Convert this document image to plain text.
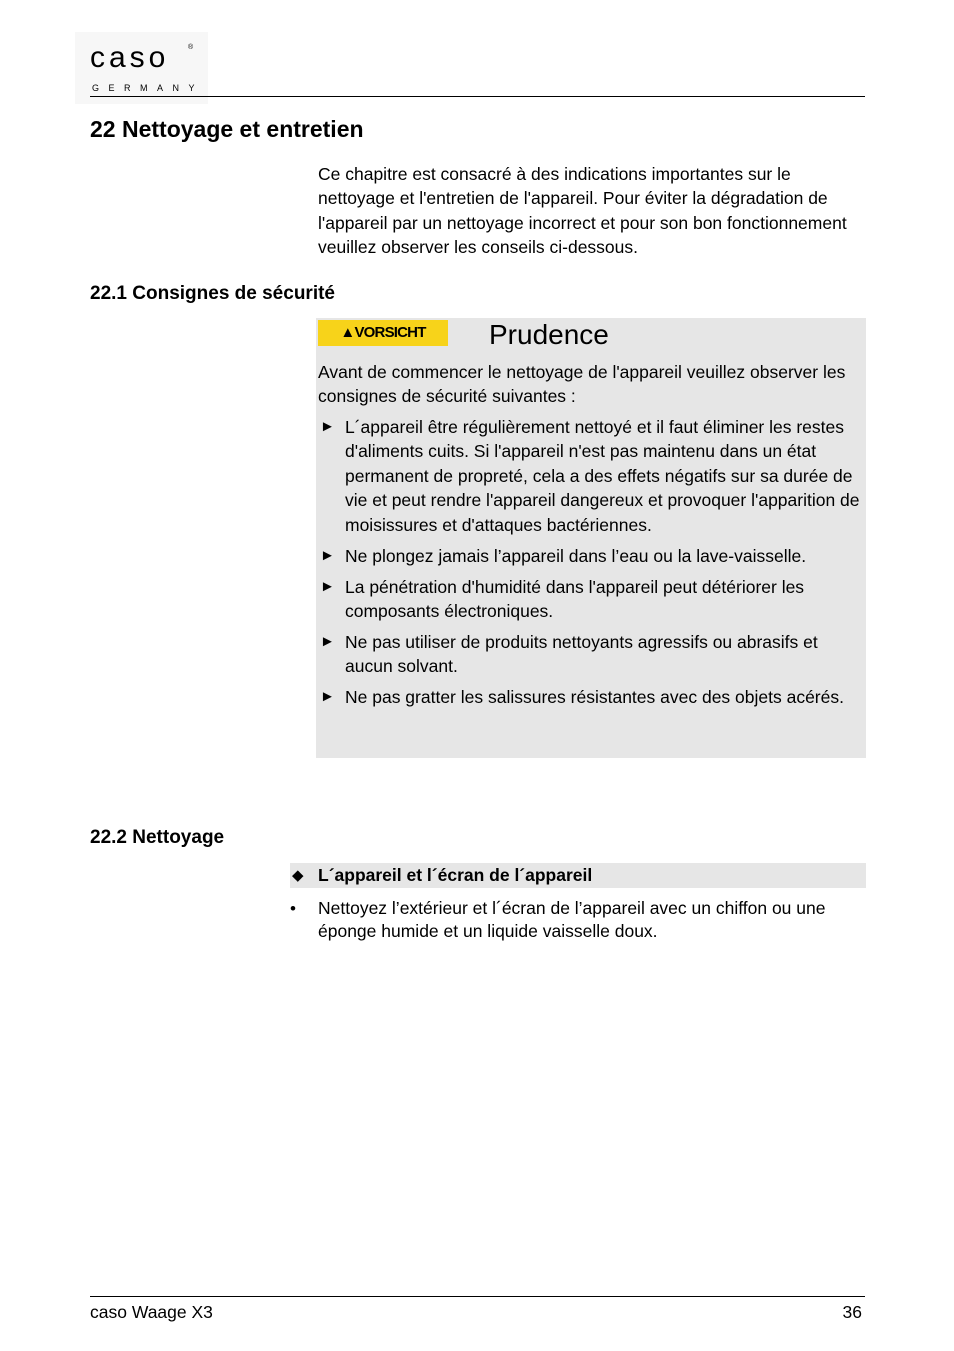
caso	®
GERMANY
22 Nettoyage et entretien
Ce chapitre est consacré à des indications importantes sur le nettoyage et l'entretien de l'appareil. Pour éviter la dégradation de l'appareil par un nettoyage incorrect et pour son bon fonctionnement veuillez observer les conseils ci-dessous.
22.1 Consignes de sécurité
▲VORSICHT	Prudence
Avant de commencer le nettoyage de l'appareil veuillez observer les consignes de sécurité suivantes :
► L´appareil être régulièrement nettoyé et il faut éliminer les restes d'aliments cuits. Si l'appareil n'est pas maintenu dans un état permanent de propreté, cela a des effets négatifs sur sa durée de vie et peut rendre l'appareil dangereux et provoquer l'apparition de moisissures et d'attaques bactériennes.
► Ne plongez jamais l’appareil dans l’eau ou la lave-vaisselle.
► La pénétration d'humidité dans l'appareil peut détériorer les composants électroniques.
► Ne pas utiliser de produits nettoyants agressifs ou abrasifs et aucun solvant.
► Ne pas gratter les salissures résistantes avec des objets acérés.
22.2 Nettoyage
◆ L´appareil et l´écran de l´appareil
• Nettoyez l’extérieur et l´écran de l’appareil avec un chiffon ou une éponge humide et un liquide vaisselle doux.
caso Waage X3	36
